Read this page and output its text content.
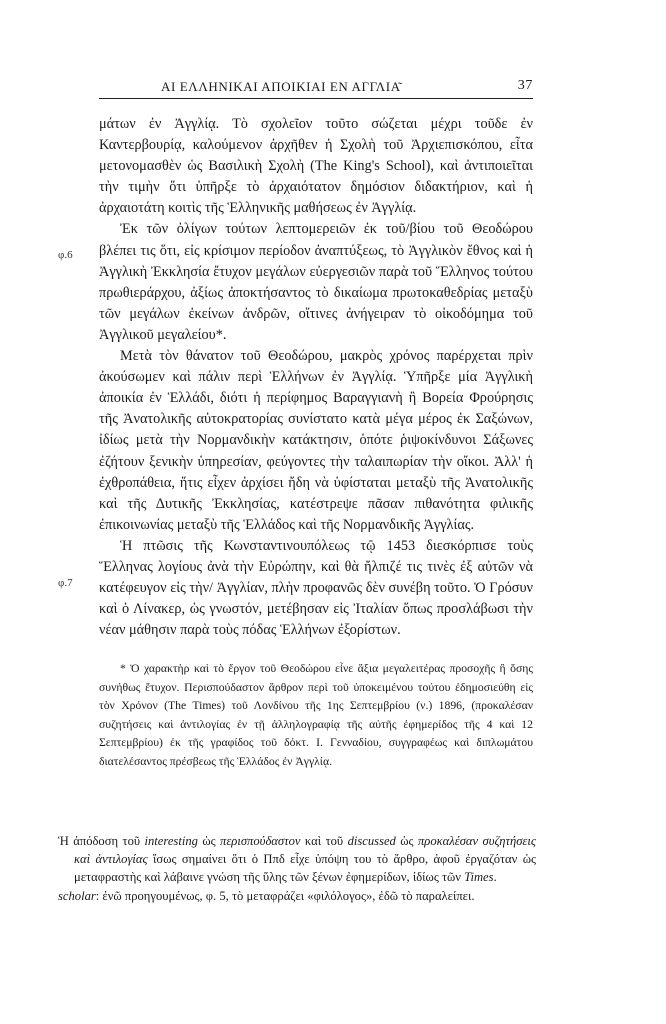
ΑΙ ΕΛΛΗΝΙΚΑΙ ΑΠΟΙΚΙΑΙ ΕΝ ΑΓΓΛΙΑ͂	37
φ.6
φ.7

μάτων ἐν Ἀγγλίᾳ. Τὸ σχολεῖον τοῦτο σώζεται μέχρι τοῦδε ἐν Καντερβουρίᾳ, καλούμενον ἀρχῆθεν ἡ Σχολὴ τοῦ Ἀρχιεπισκόπου, εἶτα μετονομασθὲν ὡς Βασιλικὴ Σχολὴ (The King's School), καὶ ἀντιποιεῖται τὴν τιμὴν ὅτι ὑπῆρξε τὸ ἀρχαιότατον δημόσιον διδακτήριον, καὶ ἡ ἀρχαιοτάτη κοιτὶς τῆς Ἑλληνικῆς μαθήσεως ἐν Ἀγγλίᾳ.

Ἐκ τῶν ὀλίγων τούτων λεπτομερειῶν ἐκ τοῦ/βίου τοῦ Θεοδώρου βλέπει τις ὅτι, εἰς κρίσιμον περίοδον ἀναπτύξεως, τὸ Ἀγγλικὸν ἔθνος καὶ ἡ Ἀγγλικὴ Ἐκκλησία ἔτυχον μεγάλων εὐεργεσιῶν παρὰ τοῦ Ἕλληνος τούτου πρωθιεράρχου, ἀξίως ἀποκτήσαντος τὸ δικαίωμα πρωτοκαθεδρίας μεταξὺ τῶν μεγάλων ἐκείνων ἀνδρῶν, οἵτινες ἀνήγειραν τὸ οἰκοδόμημα τοῦ Ἀγγλικοῦ μεγαλείου*.

Μετὰ τὸν θάνατον τοῦ Θεοδώρου, μακρὸς χρόνος παρέρχεται πρὶν ἀκούσωμεν καὶ πάλιν περὶ Ἑλλήνων ἐν Ἀγγλίᾳ. Ὑπῆρξε μία Ἀγγλικὴ ἀποικία ἐν Ἑλλάδι, διότι ἡ περίφημος Βαραγγιανὴ ἢ Βορεία Φρούρησις τῆς Ἀνατολικῆς αὐτοκρατορίας συνίστατο κατὰ μέγα μέρος ἐκ Σαξώνων, ἰδίως μετὰ τὴν Νορμανδικὴν κατάκτησιν, ὁπότε ῥιψοκίνδυνοι Σάξωνες ἐζήτουν ξενικὴν ὑπηρεσίαν, φεύγοντες τὴν ταλαιπωρίαν τὴν οἴκοι. Ἀλλ' ἡ ἐχθροπάθεια, ἥτις εἶχεν ἀρχίσει ἤδη νὰ ὑφίσταται μεταξὺ τῆς Ἀνατολικῆς καὶ τῆς Δυτικῆς Ἐκκλησίας, κατέστρεψε πᾶσαν πιθανότητα φιλικῆς ἐπικοινωνίας μεταξὺ τῆς Ἑλλάδος καὶ τῆς Νορμανδικῆς Ἀγγλίας.

Ἡ πτῶσις τῆς Κωνσταντινουπόλεως τῷ 1453 διεσκόρπισε τοὺς Ἕλληνας λογίους ἀνὰ τὴν Εὐρώπην, καὶ θὰ ἤλπιζέ τις τινὲς ἐξ αὐτῶν νὰ κατέφευγον εἰς τὴν/ Ἀγγλίαν, πλὴν προφανῶς δὲν συνέβη τοῦτο. Ὁ Γρόσυν καὶ ὁ Λίνακερ, ὡς γνωστόν, μετέβησαν εἰς Ἰταλίαν ὅπως προσλάβωσι τὴν νέαν μάθησιν παρὰ τοὺς πόδας Ἑλλήνων ἐξορίστων.

* Ὁ χαρακτὴρ καὶ τὸ ἔργον τοῦ Θεοδώρου εἶνε ἄξια μεγαλειτέρας προσοχῆς ἢ ὅσης συνήθως ἔτυχον. Περισπούδαστον ἄρθρον περὶ τοῦ ὑποκειμένου τούτου ἐδημοσιεύθη εἰς τὸν Χρόνον (The Times) τοῦ Λονδίνου τῆς 1ης Σεπτεμβρίου (ν.) 1896, (προκαλέσαν συζητήσεις καὶ ἀντιλογίας ἐν τῇ ἀλληλογραφίᾳ τῆς αὐτῆς ἐφημερίδος τῆς 4 καὶ 12 Σεπτεμβρίου) ἐκ τῆς γραφίδος τοῦ δόκτ. Ι. Γενναδίου, συγγραφέως καὶ διπλωμάτου διατελέσαντος πρέσβεως τῆς Ἑλλάδος ἐν Ἀγγλίᾳ.

Ἡ ἀπόδοση τοῦ interesting ὡς περισπούδαστον καὶ τοῦ discussed ὡς προκαλέσαν συζητήσεις καὶ ἀντιλογίας ἴσως σημαίνει ὅτι ὁ Ππδ εἶχε ὑπόψη του τὸ ἄρθρο, ἀφοῦ ἐργαζόταν ὡς μεταφραστὴς καὶ λάβαινε γνώση τῆς ὕλης τῶν ξένων ἐφημερίδων, ἰδίως τῶν Times.

scholar: ἐνῶ προηγουμένως, φ. 5, τὸ μεταφράζει «φιλόλογος», ἐδῶ τὸ παραλείπει.
